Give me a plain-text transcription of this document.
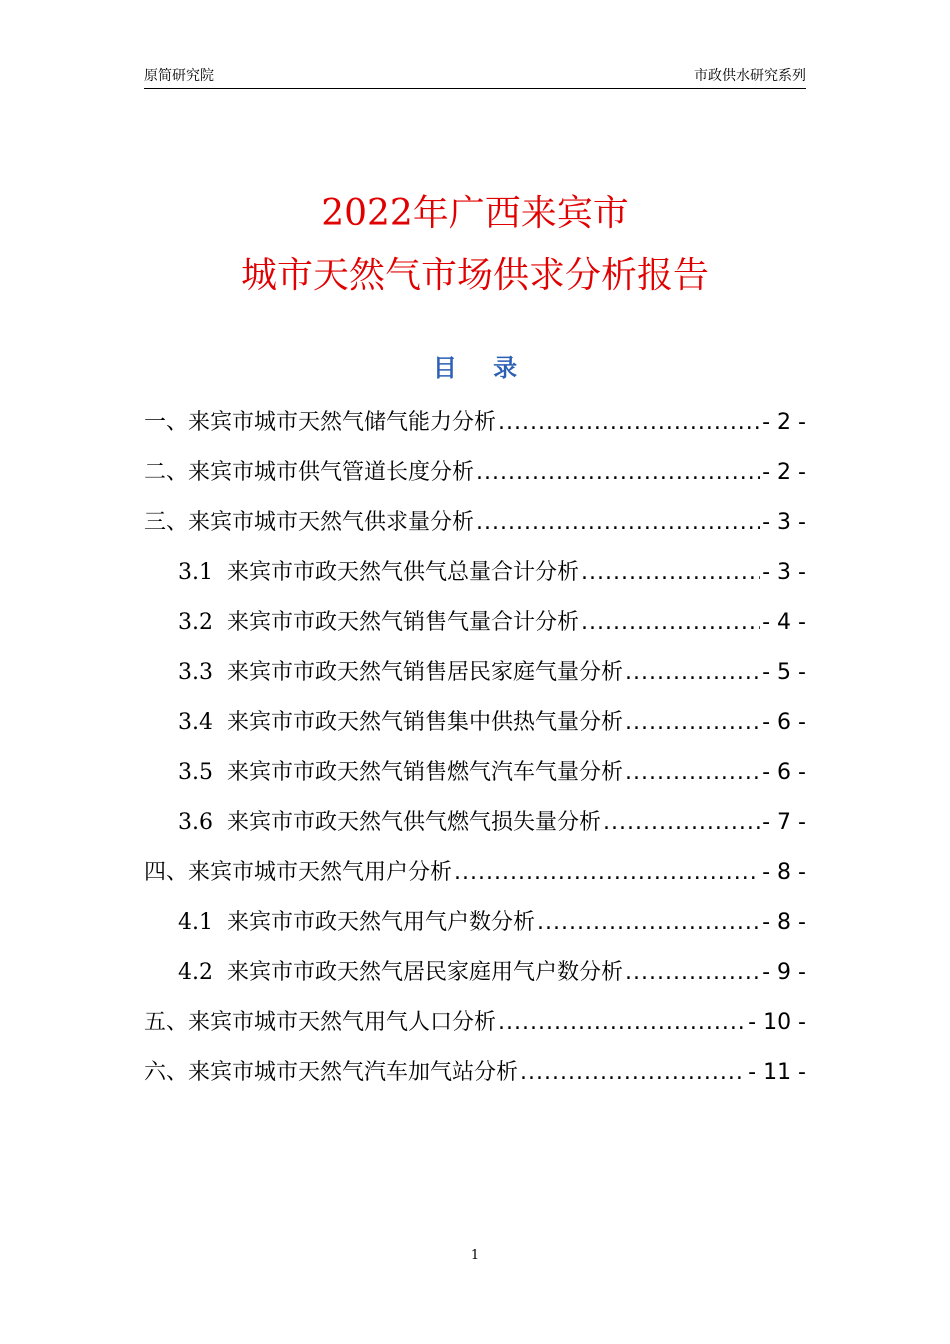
原简研究院	市政供水研究系列
2022年广西来宾市
城市天然气市场供求分析报告
目 录
一、来宾市城市天然气储气能力分析 .....	- 2 -
二、来宾市城市供气管道长度分析 .....	- 2 -
三、来宾市城市天然气供求量分析 .....	- 3 -
3.1 来宾市市政天然气供气总量合计分析 .....	- 3 -
3.2 来宾市市政天然气销售气量合计分析 .....	- 4 -
3.3 来宾市市政天然气销售居民家庭气量分析 .....	- 5 -
3.4 来宾市市政天然气销售集中供热气量分析 .....	- 6 -
3.5 来宾市市政天然气销售燃气汽车气量分析 .....	- 6 -
3.6 来宾市市政天然气供气燃气损失量分析 .....	- 7 -
四、来宾市城市天然气用户分析 .....	- 8 -
4.1 来宾市市政天然气用气户数分析 .....	- 8 -
4.2 来宾市市政天然气居民家庭用气户数分析 .....	- 9 -
五、来宾市城市天然气用气人口分析 .....	- 10 -
六、来宾市城市天然气汽车加气站分析 .....	- 11 -
1
